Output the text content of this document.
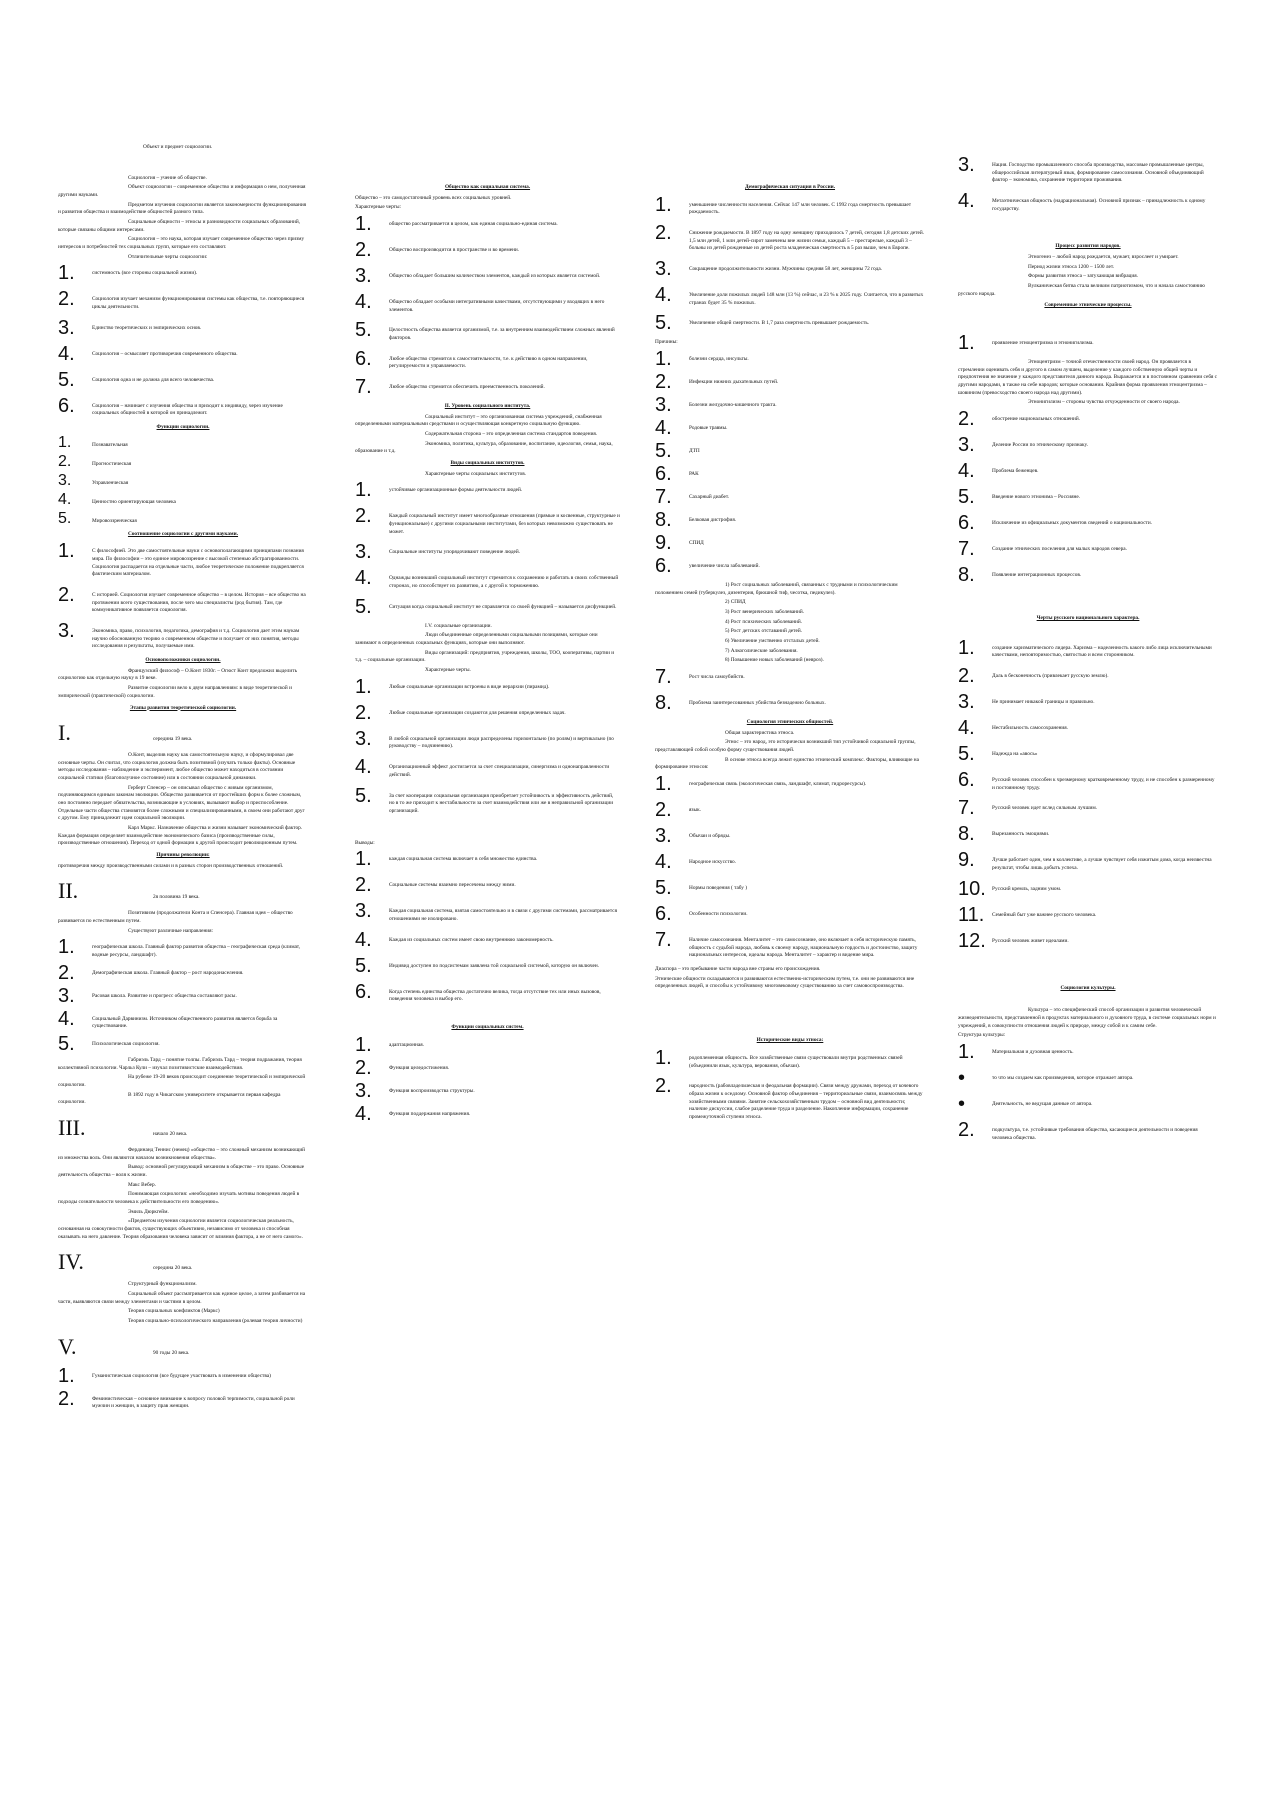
Объект и предмет социологии.
Социология – учение об обществе.
Объект социологии – современное общество и информация о нем, полученная другими науками.
Предметом изучения социологии является закономерности функционирования и развития общества и взаимодействие общностей разного типа.
Социальные общности – этносы и разновидности социальных образований, которые связаны общими интересами.
Социология – это наука, которая изучает современное общество через призму интересов и потребностей тех социальных групп, которые его составляют.
Отличительные черты социологии:
1.	системность (все стороны социальной жизни).
2.	Социология изучает механизм функционирования системы как общества, т.е. повторяющиеся циклы деятельности.
3.	Единство теоретических и эмпирических основ.
4.	Социология – осмысляет противоречия современного общества.
5.	Социология одна и не должна для всего человечества.
6.	Социология – начинает с изучения общества и приходит к индивиду, через изучение социальных общностей в которой он принадлежит.
Функции социологии.
1.	Познавательная
2.	Прогностическая
3.	Управленческая
4.	Ценностно ориентирующая человека
5.	Мировоззренческая
Соотношение социологии с другими науками.
1.	С философией. Это две самостоятельные науки с основополагающими принципами познания мира. По философии – это единое мировоззрение с высокой степенью абстрагированности. Социология распадается на отдельные части, любое теоретическое положение подкрепляется фактическим материалом.
2.	С историей. Социология изучает современное общество – в целом. История – все общество на протяжении всего существования, после чего мы специалисты (род бытия). Там, где коммуникативное появляется социология.
3.	Экономика, право, психология, педагогика, демография и т.д. Социология дает этим наукам научно обоснованную теорию о современном обществе и получает от них понятия, методы исследования и результаты, получаемые ими.
Основоположники социологии.
Французский философ – О.Конт 1830г. – Огюст Конт предложил выделить социологию как отдельную науку в 19 веке.
Развитие социологии вело к двум направлениям: в виде теоретической и эмпирической (практической) социологии.
Этапы развития теоретической социологии.
I.	середина 19 века.
О.Конт, выделив науку как самостоятельную науку, и сформулировал две основные черты. Он считал, что социология должна быть позитивной (изучать только факты). Основные методы исследования – наблюдение и эксперимент, любое общество может находиться в состоянии социальной статики (благополучное состояние) или в состоянии социальной динамики.
Герберт Спенсер – он описывал общество с живым организмом, подчиняющимся единым законам эволюции. Общество развивается от простейших форм к более сложным, оно постоянно передает обязательства, возникающие в условиях, вызывают выбор и приспособление. Отдельные части общества становятся более сложными и специализированными, в своем они работают друг с другом. Ему принадлежит идея социальной эволюции.
Карл Маркс. Назначение общества и жизни называет экономический фактор. Каждая формация определяет взаимодействие экономического базиса (производственные силы, производственные отношения). Переход от одной формации к другой происходит революционным путем.
Причины революции:
противоречия между производственными силами и в разных сторон производственных отношений.
II.	2я половина 19 века.
Позитивизм (продолжатели Конта и Спенсера). Главная идея – общество развивается по естественным путем.
Существуют различные направления:
1.	географическая школа. Главный фактор развития общества – географическая среда (климат, водные ресурсы, ландшафт).
2.	Демографическая школа. Главный фактор – рост народонаселения.
3.	Расовая школа. Развитие и прогресс общества составляют расы.
4.	Социальный Дарвинизм. Источником общественного развития является борьба за существование.
5.	Психологическая социология.
Габриэль Тард – понятие толпы. Габриэль Тард – теория подражания, теория коллективной психологии. Чарльз Кули – изучал позитивистские взаимодействия.
На рубеже 19-20 веков происходит соединение теоретической и эмпирической социологии.
В 1892 году в Чикагском университете открывается первая кафедра социологии.
III.	начало 20 века.
Фердинанд Теннис (немец) «общество – это сложный механизм возникающий из множества воль. Они являются началом возникновения общества».
Вывод: основной регулирующий механизм в обществе – это право. Основные деятельность общества – воля к жизни.
Макс Вебер.
Понимающая социология: «необходимо изучать мотивы поведения людей в подходы сознательности человека к действительности его поведению».
Эмиль Дюркгейм.
«Предметом изучения социологии является социологическая реальность, основанная на совокупности фактов, существующих объективно, независимо от человека и способная оказывать на него давление. Теория образования человека зависит от влияния фактора, а не от него самого».
IV.	середина 20 века.
Структурный функционализм.
Социальный объект рассматривается как единое целое, а затем разбивается на части, выявляются связи между элементами и частями в целом.
Теория социальных конфликтов (Маркс)
Теория социально-психологического направления (ролевая теория личности)
V.	90 годы 20 века.
1.	Гуманистическая социология (все будущее участвовать в изменении общества)
2.	Феминистическая – основное внимание к вопросу половой терпимости, социальной роли мужчин и женщин, в защиту прав женщин.
Общество как социальная система.
Общество – это самодостаточный уровень всех социальных уровней.
Характерные черты:
1.	общество рассматривается в целом, как единая социально-единая система.
2.	Общество воспроизводится в пространстве и во времени.
3.	Общество обладает большим количеством элементов, каждый из которых является системой.
4.	Общество обладает особыми интегративными качествами, отсутствующими у входящих в него элементов.
5.	Целостность общества является организмой, т.е. за внутренним взаимодействием сложных явлений факторов.
6.	Любое общество стремится к самостоятельности, т.е. к действию в одном направлении, регулируемости и управляемости.
7.	Любое общество стремится обеспечить преемственность поколений.
II. Уровень социального института.
Социальный институт – это организованная система учреждений, снабженная определенными материальными средствами и осуществляющая конкретную социальную функцию.
Содержательная сторона – это определенная система стандартов поведения.
Экономика, политика, культура, образование, воспитание, идеология, семья, наука, образование и т.д.
Виды социальных институтов.
Характерные черты социальных институтов.
1.	устойчивые организационные формы деятельности людей.
2.	Каждый социальный институт имеет многообразные отношения (прямые и косвенные, структурные и функциональные) с другими социальными институтами, без которых невозможно существовать не может.
3.	Социальные институты упорядочивают поведение людей.
4.	Однажды возникший социальный институт стремится к сохранению и работать в своих собственный сторонах, но способствует их развитию, а с другой к торможению.
5.	Ситуация когда социальный институт не справляется со своей функцией – называется дисфункцией.
I.V. социальные организации.
Люди объединенные определенными социальными позициями, которые они занимают в определенных социальных функциях, которые они выполняют.
Виды организаций: предприятия, учреждения, школы, ТОО, кооперативы, партии и т.д. – социальные организации.
Характерные черты.
1.	Любые социальные организации встроены в виде иерархии (пирамид).
2.	Любые социальные организации создаются для решения определенных задач.
3.	В любой социальной организации люди распределены горизонтально (по ролям) и вертикально (по руководству – подчинению).
4.	Организационный эффект достигается за счет специализации, синергизма и однонаправленности действий.
5.	За счет кооперации социальная организация приобретает устойчивость и эффективность действий, но в то же приходит к нестабильности за счет взаимодействия или же в неправильной организации организаций.
Выводы:
1.	каждая социальная система включает в себя множество единства.
2.	Социальные системы взаимно пересечены между ними.
3.	Каждая социальная система, взятая самостоятельно и в связи с другими системами, рассматривается отношениями не изолировано.
4.	Каждая из социальных систем имеет свою внутреннюю закономерность.
5.	Индивид доступен по подсистемам заявлена той социальной системой, которую он включен.
6.	Когда степень единства общества достаточно велика, тогда отсутствие тех или иных вызовов, поведения человека и выбор его.
Функции социальных систем.
1.	адаптационная.
2.	Функция целедостижения.
3.	Функция воспроизводства структуры.
4.	Функция поддержания напряжения.
Демографическая ситуация в России.
1.	уменьшение численности населения. Сейчас 147 млн человек. С 1992 года смертность превышает рождаемость.
2.	Снижение рождаемости. В 1897 году на одну женщину приходилось 7 детей, сегодня 1,8 детских детей. 1,5 млн детей, 1 млн детей-сирот замечены вне жизни семьи, каждый 5 – престарелые, каждый 3 – больны из детей рожденные из детей роста младенческая смертность в 5 раз выше, чем в Европе.
3.	Сокращение продолжительности жизни. Мужчины средняя 58 лет, женщины 72 года.
4.	Увеличение доли пожилых людей 148 млн (13 %) сейчас, и 23 % к 2025 году. Считается, что в развитых странах будет 35 % пожилых.
5.	Увеличение общей смертности. В 1,7 раза смертность превышает рождаемость.
Причины:
1.	болезни сердца, инсульты.
2.	Инфекции нижних дыхательных путей.
3.	Болезни желудочно-кишечного тракта.
4.	Родовые травмы.
5.	ДТП
6.	РАК
7.	Сахарный диабет.
8.	Белковая дистрофия.
9.	СПИД
6.	увеличение числа заболеваний.
1) Рост социальных заболеваний, связанных с трудными и психологическим положением семей (туберкулез, дизентерия, брюшной тиф, чесотка, педикулез).
2) СПИД
3) Рост венерических заболеваний.
4) Рост психических заболеваний.
5) Рост детских отставаний детей.
6) Увеличение умственно отсталых детей.
7) Алкоголические заболевания.
8) Повышение новых заболеваний (невроз).
7.	Рост числа самоубийств.
8.	Проблема заинтересованных убийства безнадежно больных.
Социология этнических общностей.
Общая характеристика этноса.
Этнос – это народ, это исторически возникший тип устойчивой социальной группы, представляющей собой особую форму существования людей.
В основе этноса всегда лежит единство этнический комплекс. Факторы, влияющие на формирование этносов:
1.	географическая связь (экологическая связь, ландшафт, климат, гидроресурсы).
2.	язык.
3.	Обычаи и обряды.
4.	Народное искусство.
5.	Нормы поведения ( табу )
6.	Особенности психологии.
7.	Наличие самосознания. Менталитет – это самосознание, оно включает в себя историческую память, общность с судьбой народа, любовь к своему народу, национальную гордость и достоинство, защиту национальных интересов, идеалы народа. Менталитет – характер и видение мира.
Диаспора – это пребывание части народа вне страны его происхождения.
Этнические общности складываются и развиваются естественно-историческим путем, т.е. они не развиваются вне определенных людей, и способы к устойчивому многовековому существованию за счет самовоспроизводства.
Исторические виды этноса:
1.	родоплеменная общность. Все хозяйственные связи существовали внутри родственных связей (объединили язык, культура, верования, обычаи).
2.	народность (рабовладельческая и феодальная формации). Связи между дружами, переход от кочевого образа жизни к оседлому. Основной фактор объединения – территориальные связи, взаимосвязь между хозяйственными связями. Занятие сельскохозяйственным трудом – основной вид деятельности; наличие дискуссии, слабое разделение труда и разделение. Накопление информации, сохранение промежуточной ступени этноса.
3.	Нация. Господство промышленного способа производства, массовые промышленные центры, общероссийская литературный язык, формирование самосознания. Основной объединяющий фактор – экономика, сохранение территории проживания.
4.	Метаэтническая общность (надрациональная). Основной признак – принадлежность к одному государству.
Процесс развития народов.
Этногенез – любой народ рождается, мужает, взрослеет и умирает.
Период жизни этноса 1200 – 1500 лет.
Формы развития этноса – затухающая вибрация.
Вулканическая битва стала великим патриотизмом, что и начала самостоянию русского народа.
Современные этнические процессы.
1.	проявление этноцентризма и этнонигилизма.
Этноцентризм – точной отечественности своей народ. Он проявляется в стремлении оценивать себя и другого в самом лучшем, выделение у каждого собственную общей черты и предпочтения не значение у каждого представителя данного народа. Выражается и в постоянном сравнении себя с другими народами, в также на себе народов; которые основании. Крайняя форма проявления этноцентризма – шовинизм (превосходство своего народа над другими).
Этнонигилизм – стороны чувства отчужденности от своего народа.
2.	обострение национальных отношений.
3.	Деление России по этническому признаку.
4.	Проблема беженцев.
5.	Введение нового этнонима – Россияне.
6.	Исключение из официальных документов сведений о национальности.
7.	Создание этнических поселения для малых народов севера.
8.	Появление интеграционных процессов.
Черты русского национального характера.
1.	создание харизматического лидера. Харизма – наделенность какого либо лица исключительными качествами, неповторимостью, святостью и всем сторонником.
2.	Даль в бесконечность (привлекает русскую землю).
3.	Не принимает никакой границы и правильно.
4.	Нестабильность самосохранения.
5.	Надежда на «авось»
6.	Русский человек способен к чрезмерному кратковременному труду, и не способен к размеренному и постоянному труду.
7.	Русский человек идет вслед сильным лучшим.
8.	Вырезанность эмоциями.
9.	Лучше работает один, чем в коллективе, а лучше чувствует себя изжитым дома, когда неизвестна результат, чтобы лишь добыть успеха.
10.	Русский кремль, задним умом.
11.	Семейный быт уже важнее русского человека.
12.	Русский человек живет идеалами.
Социология культуры.
Культура – это специфический способ организации и развития человеческой жизнедеятельности, представленной в продуктах материального и духовного труда, в системе социальных норм и учреждений, в совокупности отношения людей к природе, между собой и к самим себе.
Структура культуры:
1.	Материальная и духовная ценность.
•	то что мы создаем как произведения, которое отражает автора.
•	Деятельность, не ведущая данные от автора.
2.	подкультура, т.е. устойчивые требования общества, касающиеся деятельности и поведения человека общества.
